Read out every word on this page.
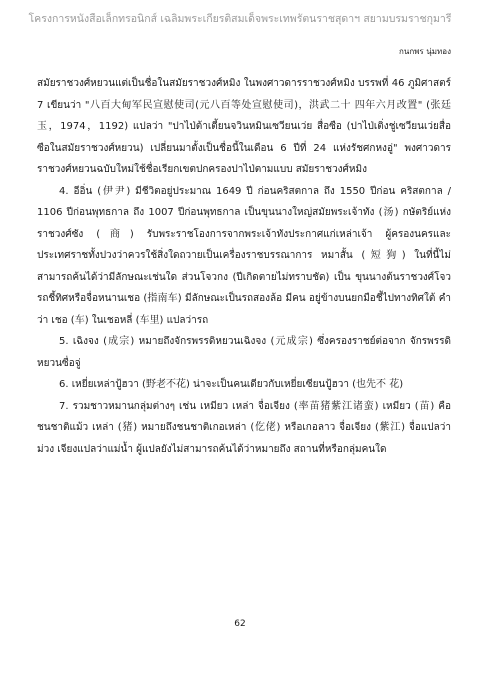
โครงการหนังสือเล็กทรอนิกส์ เฉลิมพระเกียรติสมเด็จพระเทพรัตนราชสุดาฯ สยามบรมราชกุมารี
กนกพร นุ่มทอง

สมัยราชวงศ์หยวนแต่เป็นชื่อในสมัยราชวงศ์หมิง ในพงศาวดารราชวงศ์หมิง บรรพที่ 46 ภูมิศาสตร์ 7 เขียนว่า "八百大甸军民宣慰使司(元八百等处宣慰使司)，洪武二十 四年六月改置" (张廷玉，1974，1192) แปลว่า "ปาไป่ต้าเตี้ยนจวินหมินเซวียนเว่ย สื่อซือ (ปาไป่เติ่งชู่เซวียนเว่ยสื่อซือในสมัยราชวงศ์หยวน) เปลี่ยนมาตั้งเป็นชื่อนี้ในเดือน 6 ปีที่ 24 แห่งรัชศกหงอู่" พงศาวดารราชวงศ์หยวนฉบับใหม่ใช้ชื่อเรียกเขตปกครองปาไป่ตามแบบ สมัยราชวงศ์หมิง

4. อีอิ่น (伊尹) มีชีวิตอยู่ประมาณ 1649 ปี ก่อนคริสตกาล ถึง 1550 ปีก่อน คริสตกาล / 1106 ปีก่อนพุทธกาล ถึง 1007 ปีก่อนพุทธกาล เป็นขุนนางใหญ่สมัยพระเจ้าทัง (汤) กษัตริย์แห่งราชวงศ์ซัง (商) รับพระราชโองการจากพระเจ้าทังประกาศแก่เหล่าเจ้า ผู้ครองนครและประเทศราชทั้งปวงว่าควรใช้สิ่งใดถวายเป็นเครื่องราชบรรณาการ หมาสั้น (短狗) ในที่นี้ไม่สามารถค้นได้ว่ามีลักษณะเช่นใด ส่วนโจวกง (ปีเกิดตายไม่ทราบชัด) เป็น ขุนนางต้นราชวงศ์โจว รถชี้ทิศหรือจื่อหนานเชอ (指南车) มีลักษณะเป็นรถสองล้อ มีคน อยู่ข้างบนยกมือชี้ไปทางทิศใต้ คำว่า เชอ (车) ในเชอหลี่ (车里) แปลว่ารถ

5. เฉิงจง (成宗) หมายถึงจักรพรรดิหยวนเฉิงจง (元成宗) ซึ่งครองราชย์ต่อจาก จักรพรรดิหยวนซื่อจู่

6. เหยี่ยเหล่าปู้ฮวา (野老不花) น่าจะเป็นคนเดียวกับเหยี่ยเซียนปู้ฮวา (也先不 花)

7. รวมชาวหมานกลุ่มต่างๆ เช่น เหมียว เหล่า จื่อเจียง (率苗猪紫江诸蛮) เหมียว (苗) คือชนชาติแม้ว เหล่า (猪) หมายถึงชนชาติเกอเหล่า (仡佬) หรือเกอลาว จื่อเจียง (紫江) จื่อแปลว่าม่วง เจียงแปลว่าแม่น้ำ ผู้แปลยังไม่สามารถค้นได้ว่าหมายถึง สถานที่หรือกลุ่มคนใด

62
